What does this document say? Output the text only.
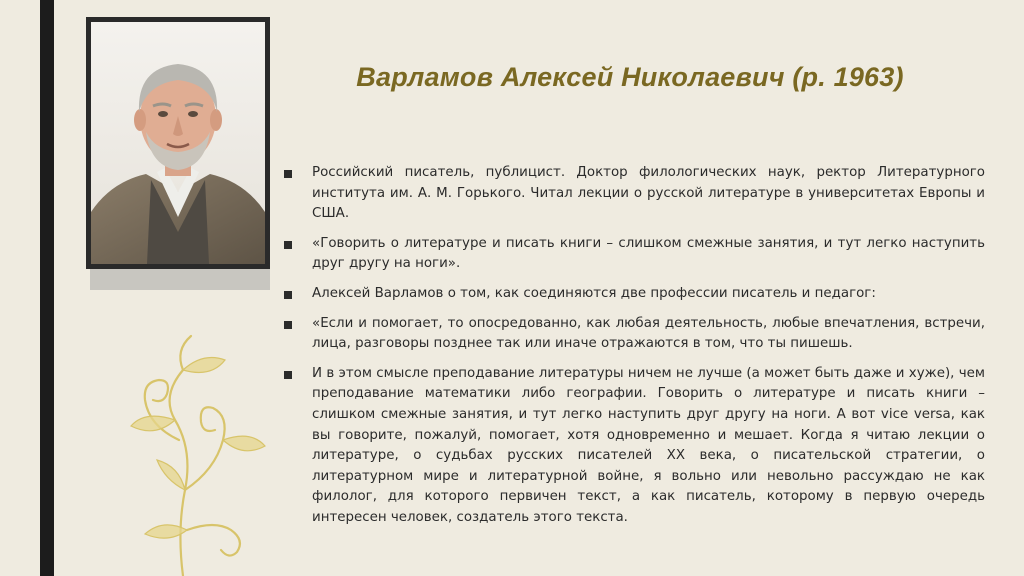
Варламов Алексей Николаевич (р. 1963)
Российский писатель, публицист. Доктор филологических наук, ректор Литературного института им. А. М. Горького. Читал лекции о русской литературе в университетах Европы и США.
«Говорить о литературе и писать книги – слишком смежные занятия, и тут легко наступить друг другу на ноги».
Алексей Варламов о том, как соединяются две профессии писатель и педагог:
«Если и помогает, то опосредованно, как любая деятельность, любые впечатления, встречи, лица, разговоры позднее так или иначе отражаются в том, что ты пишешь.
И в этом смысле преподавание литературы ничем не лучше (а может быть даже и хуже), чем преподавание математики либо географии. Говорить о литературе и писать книги – слишком смежные занятия, и тут легко наступить друг другу на ноги. А вот vice versa, как вы говорите, пожалуй, помогает, хотя одновременно и мешает. Когда я читаю лекции о литературе, о судьбах русских писателей XX века, о писательской стратегии, о литературном мире и литературной войне, я вольно или невольно рассуждаю не как филолог, для которого первичен текст, а как писатель, которому в первую очередь интересен человек, создатель этого текста.
